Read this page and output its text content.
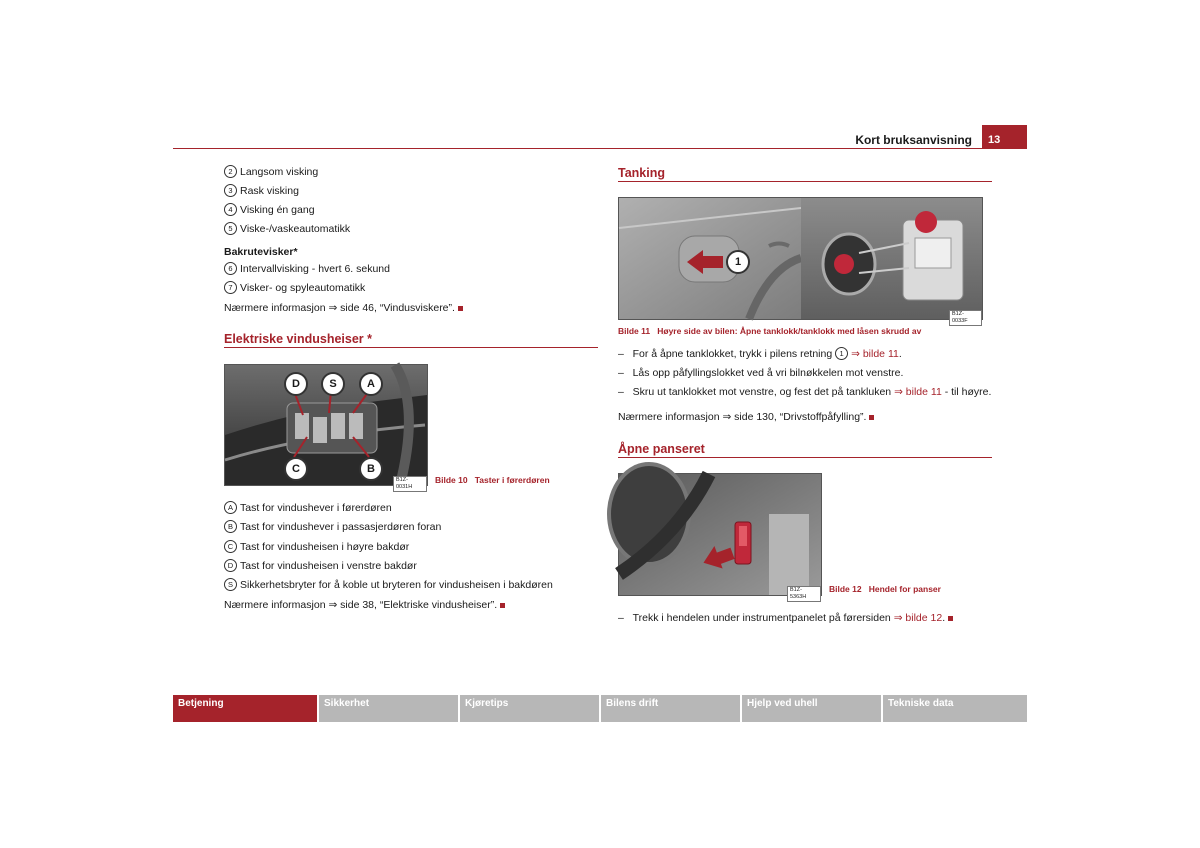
Kort bruksanvisning	13
2 Langsom visking
3 Rask visking
4 Visking én gang
5 Viske-/vaskeautomatikk
Bakrutevisker*
6 Intervallvisking - hvert 6. sekund
7 Visker- og spyleautomatikk
Nærmere informasjon ⇒ side 46, “Vindusviskere”.
Elektriske vindusheiser *
D	S	A
C	B
B1Z-0031H
Bilde 10 Taster i førerdøren
A Tast for vindushever i førerdøren
B Tast for vindushever i passasjerdøren foran
C Tast for vindusheisen i høyre bakdør
D Tast for vindusheisen i venstre bakdør
S Sikkerhetsbryter for å koble ut bryteren for vindusheisen i bakdøren
Nærmere informasjon ⇒ side 38, “Elektriske vindusheiser”.
Tanking
1
B1Z-0033F
Bilde 11 Høyre side av bilen: Åpne tanklokk/tanklokk med låsen skrudd av
–   For å åpne tanklokket, trykk i pilens retning 1 ⇒ bilde 11.
–   Lås opp påfyllingslokket ved å vri bilnøkkelen mot venstre.
–   Skru ut tanklokket mot venstre, og fest det på tankluken ⇒ bilde 11 - til høyre.
Nærmere informasjon ⇒ side 130, “Drivstoffpåfylling”.
Åpne panseret
B1Z-5363H
Bilde 12 Hendel for panser
–   Trekk i hendelen under instrumentpanelet på førersiden ⇒ bilde 12.
Betjening	Sikkerhet	Kjøretips	Bilens drift	Hjelp ved uhell	Tekniske data
